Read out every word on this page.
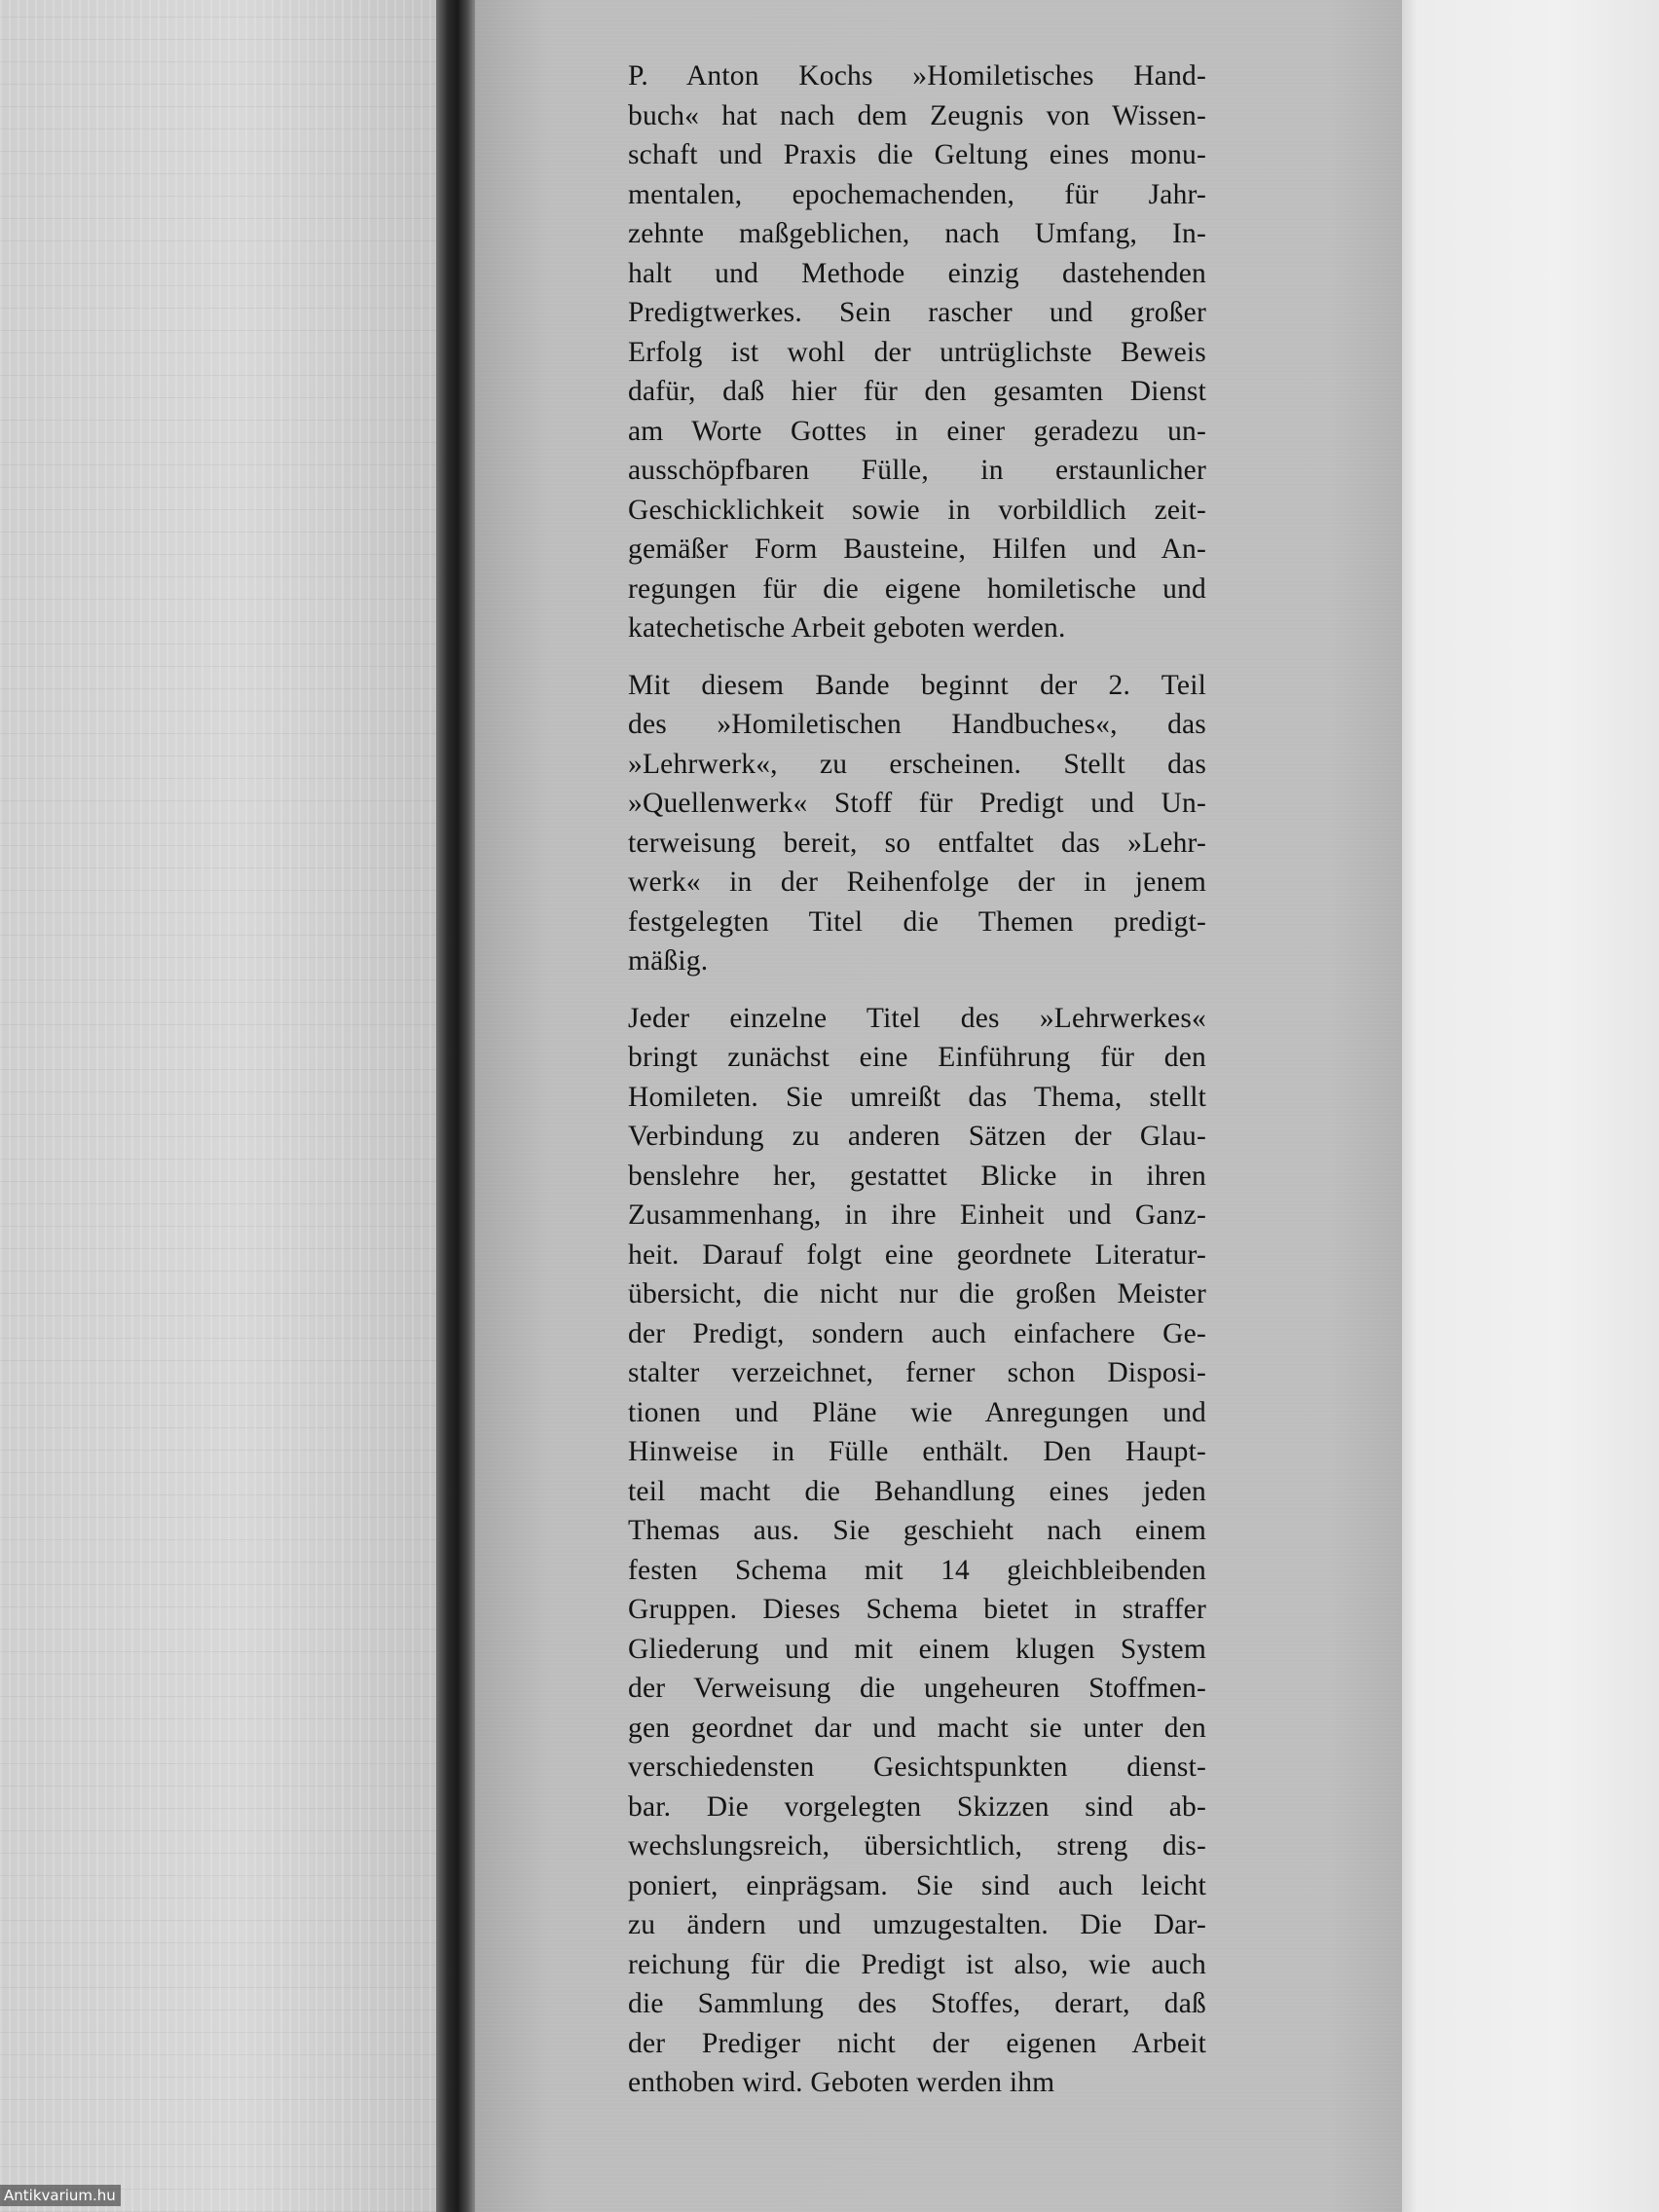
P. Anton Kochs »Homiletisches Hand-
buch« hat nach dem Zeugnis von Wissen-
schaft und Praxis die Geltung eines monu-
mentalen, epochemachenden, für Jahr-
zehnte maßgeblichen, nach Umfang, In-
halt und Methode einzig dastehenden
Predigtwerkes. Sein rascher und großer
Erfolg ist wohl der untrüglichste Beweis
dafür, daß hier für den gesamten Dienst
am Worte Gottes in einer geradezu un-
ausschöpfbaren Fülle, in erstaunlicher
Geschicklichkeit sowie in vorbildlich zeit-
gemäßer Form Bausteine, Hilfen und An-
regungen für die eigene homiletische und
katechetische Arbeit geboten werden.
Mit diesem Bande beginnt der 2. Teil
des »Homiletischen Handbuches«, das
»Lehrwerk«, zu erscheinen. Stellt das
»Quellenwerk« Stoff für Predigt und Un-
terweisung bereit, so entfaltet das »Lehr-
werk« in der Reihenfolge der in jenem
festgelegten Titel die Themen predigt-
mäßig.
Jeder einzelne Titel des »Lehrwerkes«
bringt zunächst eine Einführung für den
Homileten. Sie umreißt das Thema, stellt
Verbindung zu anderen Sätzen der Glau-
benslehre her, gestattet Blicke in ihren
Zusammenhang, in ihre Einheit und Ganz-
heit. Darauf folgt eine geordnete Literatur-
übersicht, die nicht nur die großen Meister
der Predigt, sondern auch einfachere Ge-
stalter verzeichnet, ferner schon Disposi-
tionen und Pläne wie Anregungen und
Hinweise in Fülle enthält. Den Haupt-
teil macht die Behandlung eines jeden
Themas aus. Sie geschieht nach einem
festen Schema mit 14 gleichbleibenden
Gruppen. Dieses Schema bietet in straffer
Gliederung und mit einem klugen System
der Verweisung die ungeheuren Stoffmen-
gen geordnet dar und macht sie unter den
verschiedensten Gesichtspunkten dienst-
bar. Die vorgelegten Skizzen sind ab-
wechslungsreich, übersichtlich, streng dis-
poniert, einprägsam. Sie sind auch leicht
zu ändern und umzugestalten. Die Dar-
reichung für die Predigt ist also, wie auch
die Sammlung des Stoffes, derart, daß
der Prediger nicht der eigenen Arbeit
enthoben wird. Geboten werden ihm
Antikvarium.hu
